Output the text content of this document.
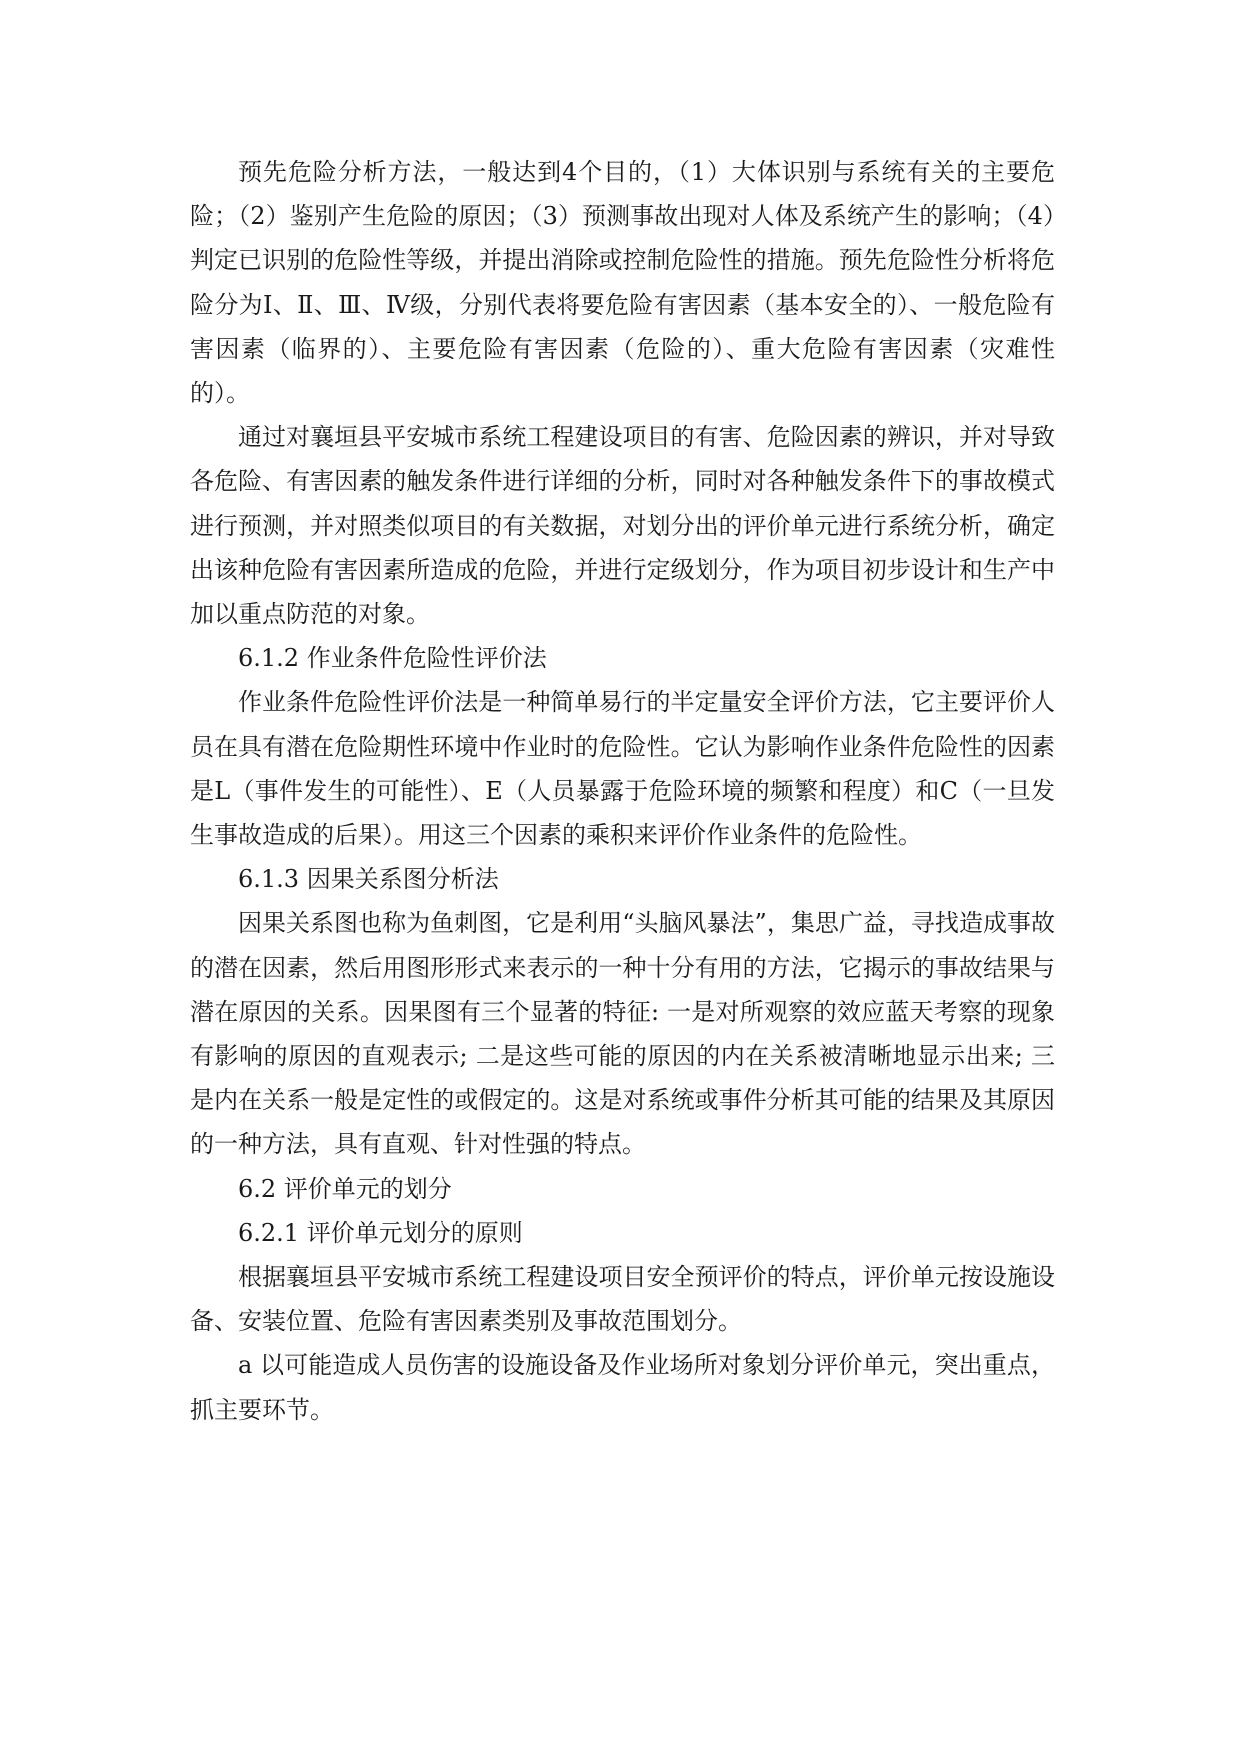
预先危险分析方法，一般达到4个目的，（1）大体识别与系统有关的主要危险；（2）鉴别产生危险的原因；（3）预测事故出现对人体及系统产生的影响；（4）判定已识别的危险性等级，并提出消除或控制危险性的措施。预先危险性分析将危险分为Ⅰ、Ⅱ、Ⅲ、Ⅳ级，分别代表将要危险有害因素（基本安全的）、一般危险有害因素（临界的）、主要危险有害因素（危险的）、重大危险有害因素（灾难性的）。

通过对襄垣县平安城市系统工程建设项目的有害、危险因素的辨识，并对导致各危险、有害因素的触发条件进行详细的分析，同时对各种触发条件下的事故模式进行预测，并对照类似项目的有关数据，对划分出的评价单元进行系统分析，确定出该种危险有害因素所造成的危险，并进行定级划分，作为项目初步设计和生产中加以重点防范的对象。

6.1.2 作业条件危险性评价法

作业条件危险性评价法是一种简单易行的半定量安全评价方法，它主要评价人员在具有潜在危险期性环境中作业时的危险性。它认为影响作业条件危险性的因素是L（事件发生的可能性）、E（人员暴露于危险环境的频繁和程度）和C（一旦发生事故造成的后果）。用这三个因素的乘积来评价作业条件的危险性。

6.1.3 因果关系图分析法

因果关系图也称为鱼刺图，它是利用“头脑风暴法”，集思广益，寻找造成事故的潜在因素，然后用图形形式来表示的一种十分有用的方法，它揭示的事故结果与潜在原因的关系。因果图有三个显著的特征: 一是对所观察的效应蓝天考察的现象有影响的原因的直观表示; 二是这些可能的原因的内在关系被清晰地显示出来; 三是内在关系一般是定性的或假定的。这是对系统或事件分析其可能的结果及其原因的一种方法，具有直观、针对性强的特点。

6.2 评价单元的划分

6.2.1 评价单元划分的原则

根据襄垣县平安城市系统工程建设项目安全预评价的特点，评价单元按设施设备、安装位置、危险有害因素类别及事故范围划分。

a 以可能造成人员伤害的设施设备及作业场所对象划分评价单元，突出重点，抓主要环节。
